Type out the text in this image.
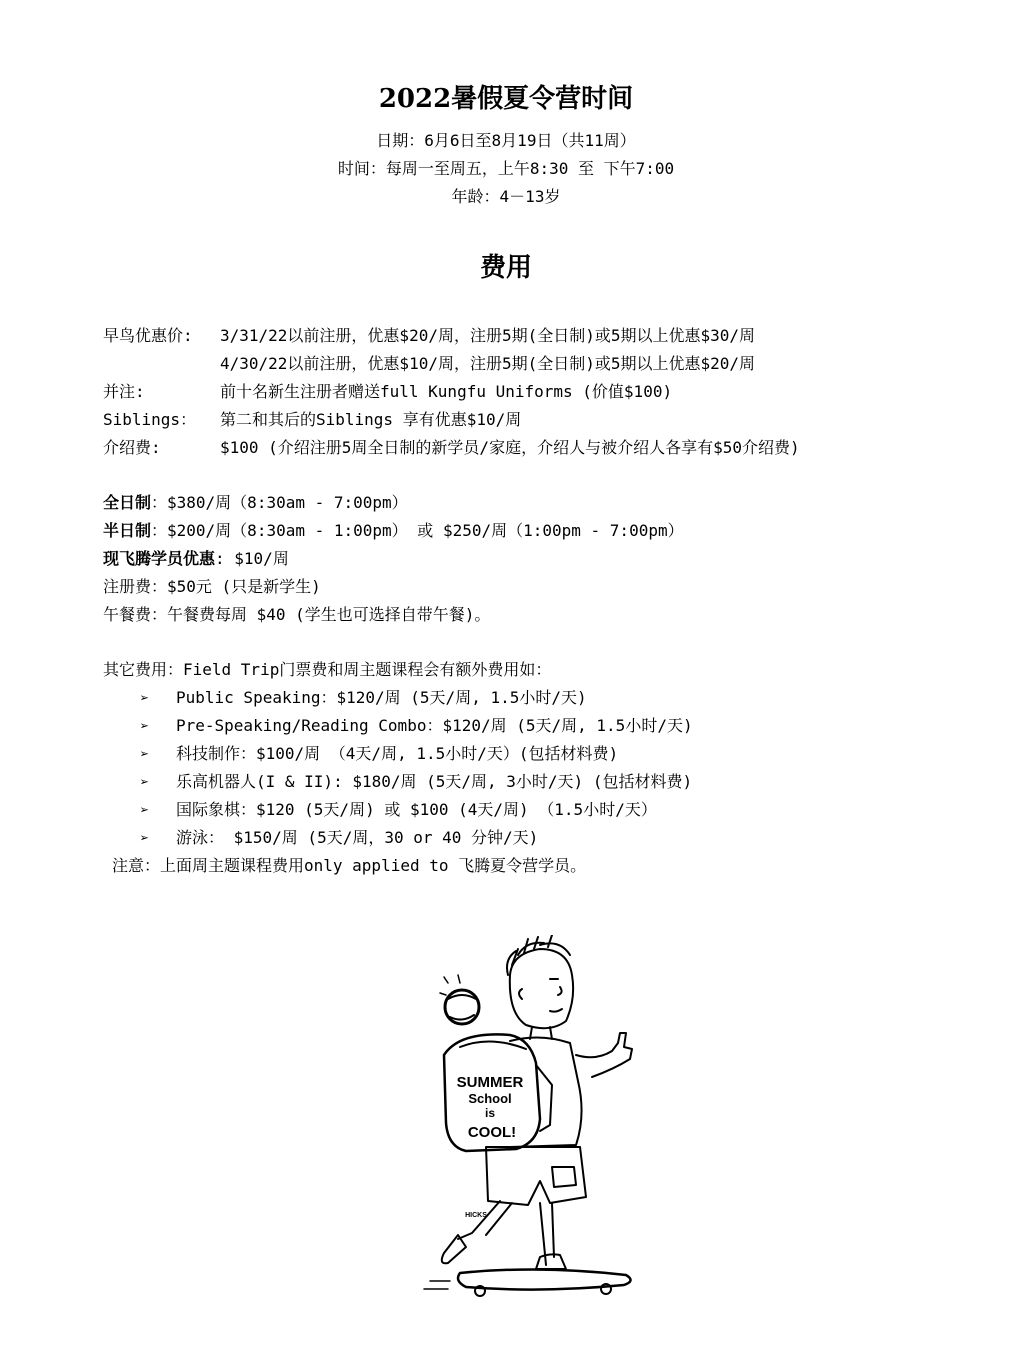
2022暑假夏令营时间
日期：6月6日至8月19日（共11周）
时间：每周一至周五，上午8:30 至 下午7:00
年龄：4－13岁
费用
早鸟优惠价: 3/31/22以前注册，优惠$20/周，注册5期(全日制)或5期以上优惠$30/周
4/30/22以前注册，优惠$10/周，注册5期(全日制)或5期以上优惠$20/周
并注:	前十名新生注册者赠送full Kungfu Uniforms (价值$100)
Siblings： 第二和其后的Siblings 享有优惠$10/周
介绍费:	$100 (介绍注册5周全日制的新学员/家庭，介绍人与被介绍人各享有$50介绍费)
全日制：$380/周（8:30am - 7:00pm）
半日制：$200/周（8:30am - 1:00pm） 或 $250/周（1:00pm - 7:00pm）
现飞腾学员优惠: $10/周
注册费：$50元 (只是新学生)
午餐费：午餐费每周 $40 (学生也可选择自带午餐)。
其它费用：Field Trip门票费和周主题课程会有额外费用如：
➢ Public Speaking：$120/周 (5天/周, 1.5小时/天)
➢ Pre-Speaking/Reading Combo：$120/周 (5天/周, 1.5小时/天)
➢ 科技制作：$100/周 （4天/周, 1.5小时/天）(包括材料费)
➢ 乐高机器人(I & II): $180/周 (5天/周, 3小时/天) (包括材料费)
➢ 国际象棋：$120 (5天/周) 或 $100 (4天/周) （1.5小时/天）
➢ 游泳： $150/周 (5天/周，30 or 40 分钟/天)
注意：上面周主题课程费用only applied to 飞腾夏令营学员。
SUMMER
School
is
COOL!
HICKS
